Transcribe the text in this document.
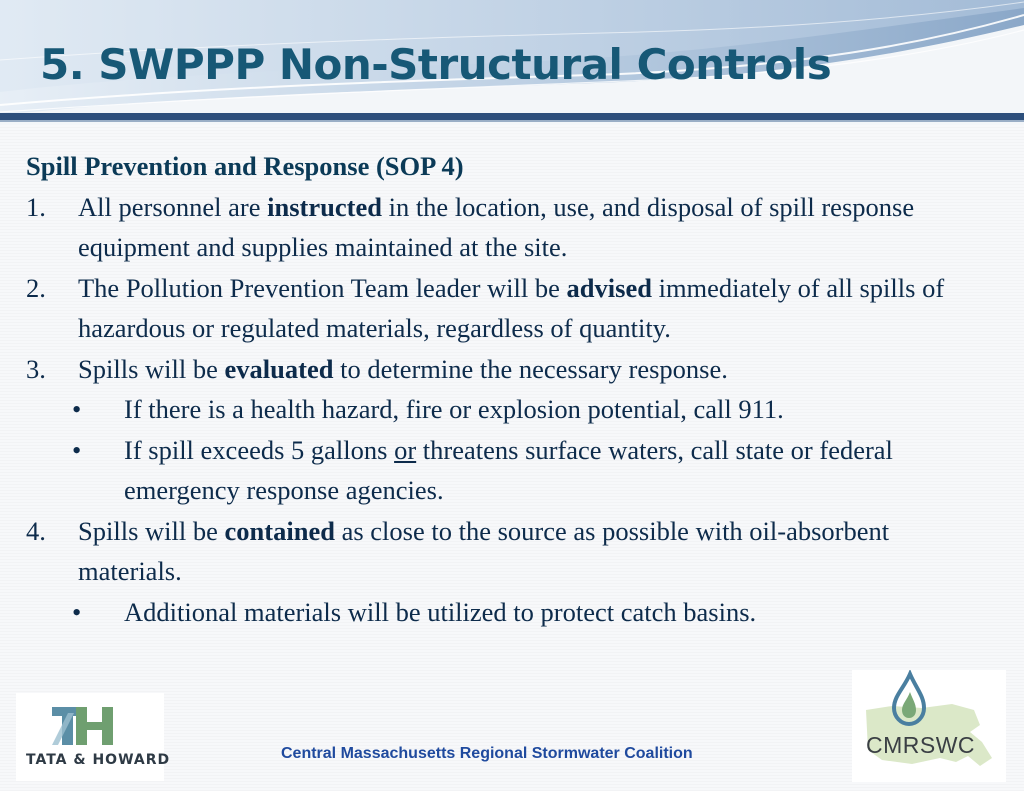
5. SWPPP Non-Structural Controls
Spill Prevention and Response (SOP 4)
1. All personnel are instructed in the location, use, and disposal of spill response equipment and supplies maintained at the site.
2. The Pollution Prevention Team leader will be advised immediately of all spills of hazardous or regulated materials, regardless of quantity.
3. Spills will be evaluated to determine the necessary response.
• If there is a health hazard, fire or explosion potential, call 911.
• If spill exceeds 5 gallons or threatens surface waters, call state or federal emergency response agencies.
4. Spills will be contained as close to the source as possible with oil-absorbent materials.
• Additional materials will be utilized to protect catch basins.
TATA & HOWARD	Central Massachusetts Regional Stormwater Coalition	CMRSWC
